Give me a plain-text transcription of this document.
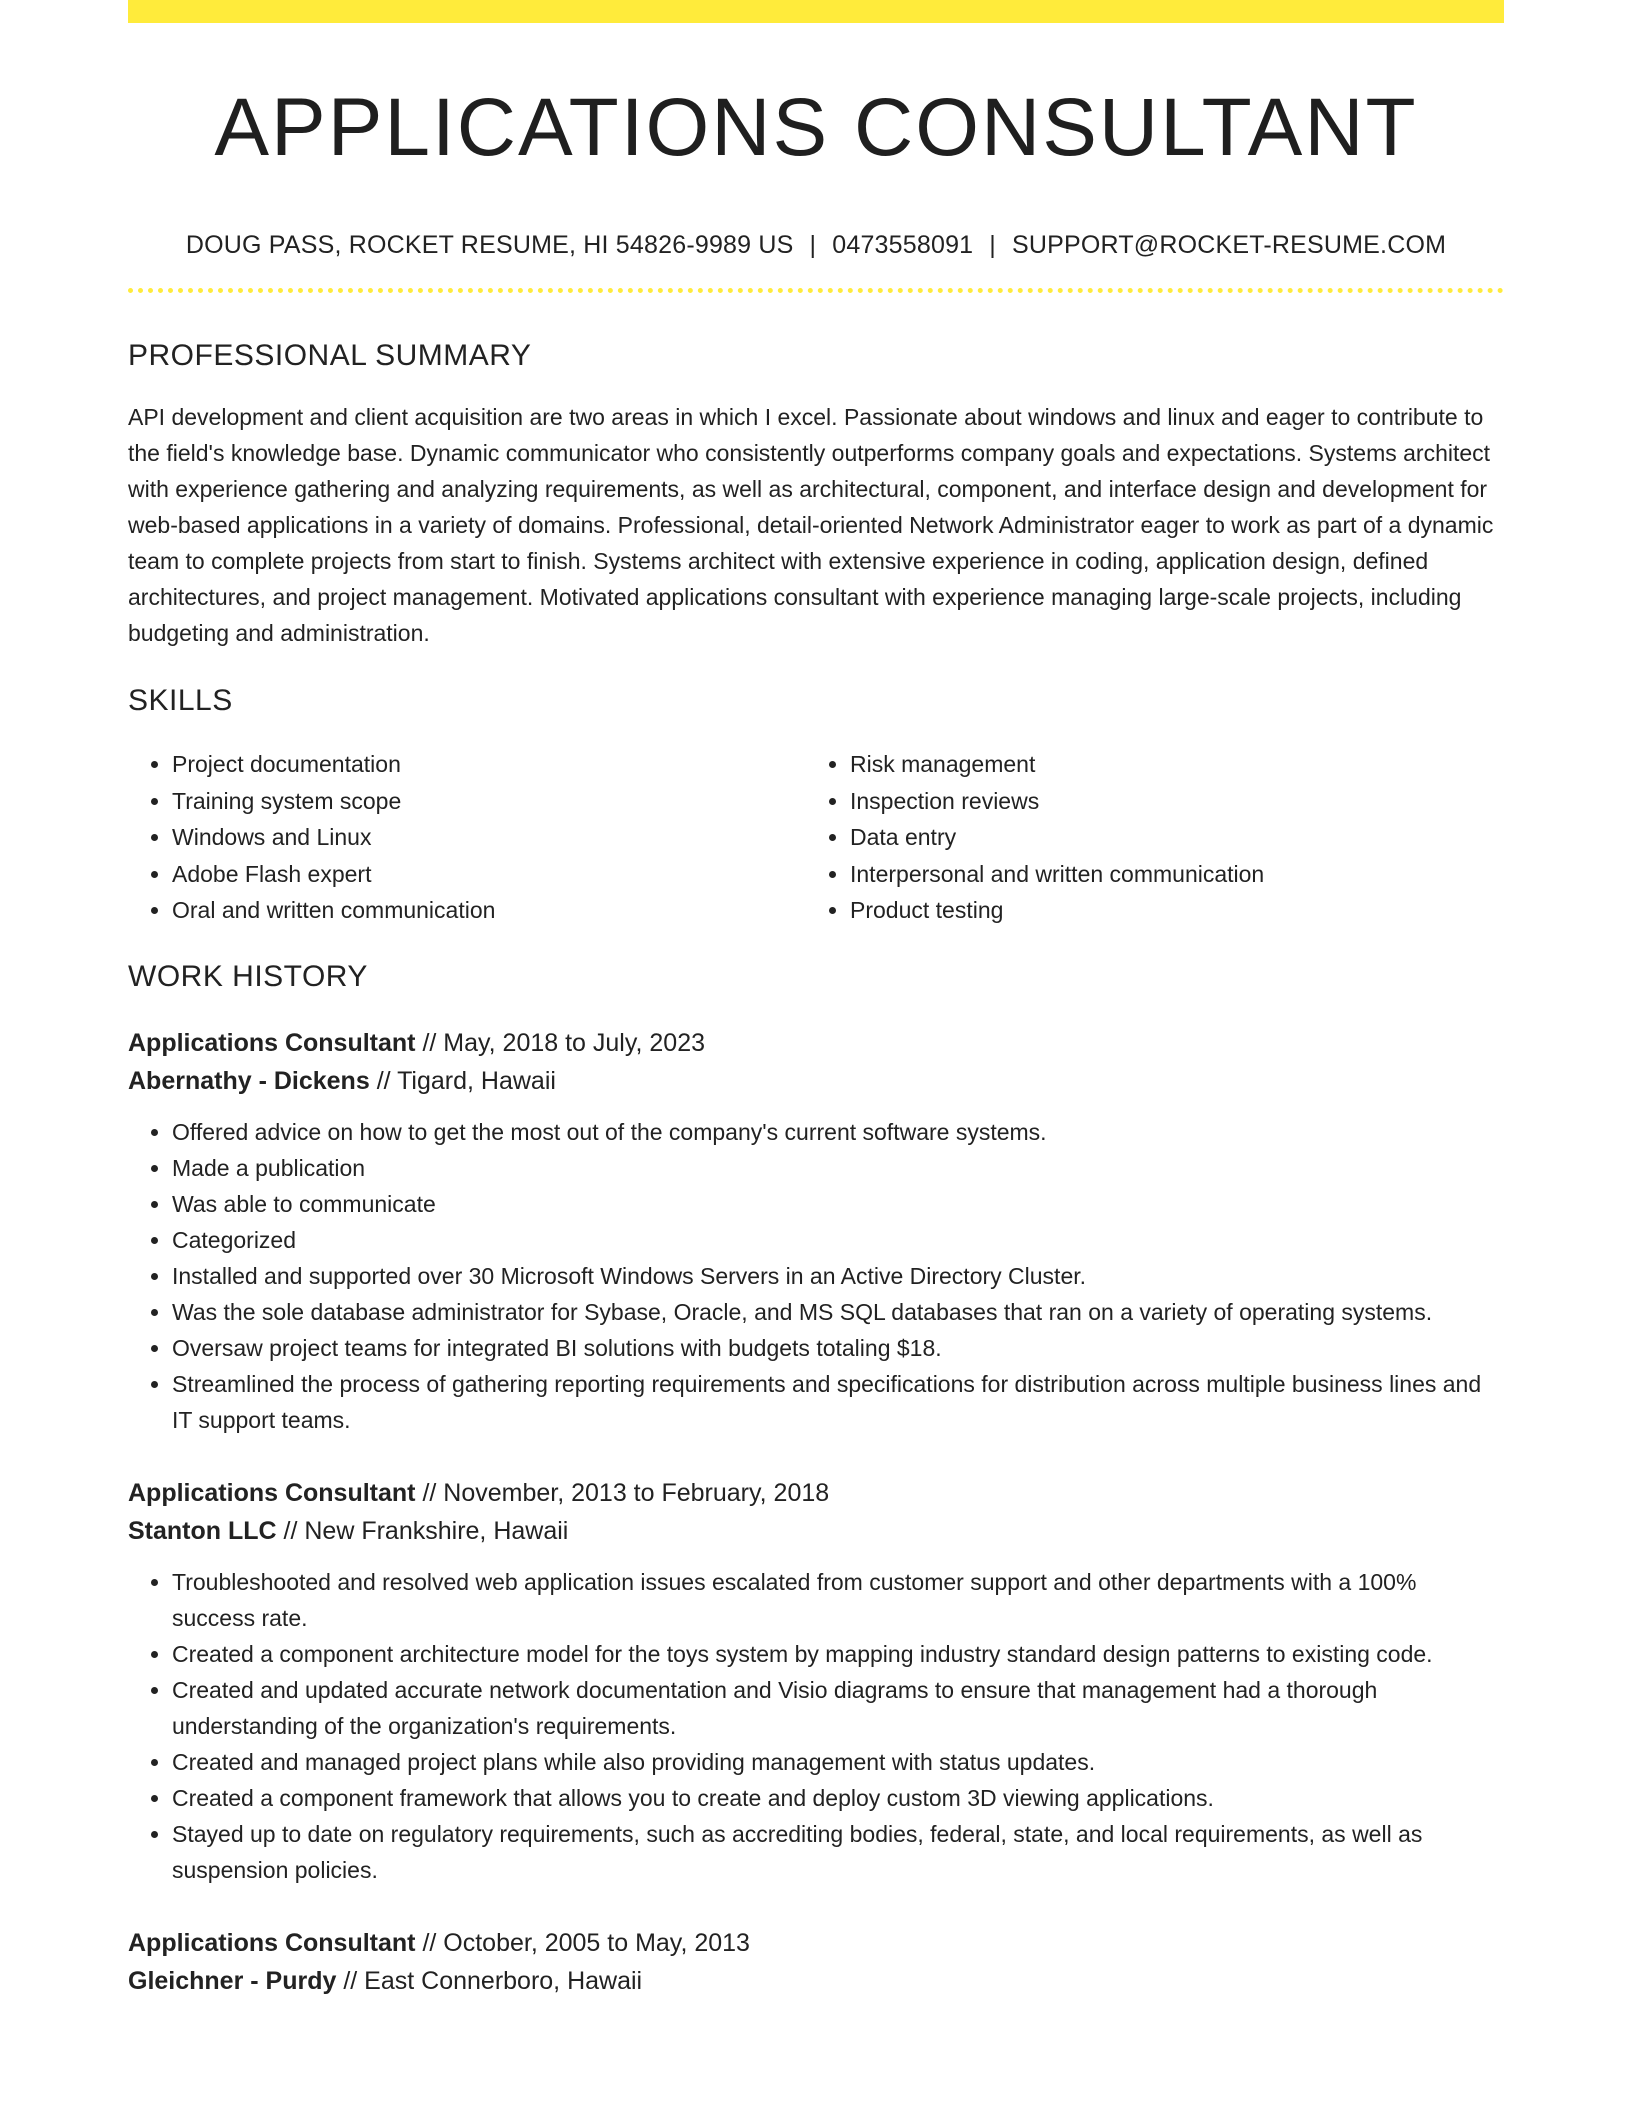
APPLICATIONS CONSULTANT
DOUG PASS, ROCKET RESUME, HI 54826-9989 US | 0473558091 | SUPPORT@ROCKET-RESUME.COM
PROFESSIONAL SUMMARY
API development and client acquisition are two areas in which I excel. Passionate about windows and linux and eager to contribute to the field's knowledge base. Dynamic communicator who consistently outperforms company goals and expectations. Systems architect with experience gathering and analyzing requirements, as well as architectural, component, and interface design and development for web-based applications in a variety of domains. Professional, detail-oriented Network Administrator eager to work as part of a dynamic team to complete projects from start to finish. Systems architect with extensive experience in coding, application design, defined architectures, and project management. Motivated applications consultant with experience managing large-scale projects, including budgeting and administration.
SKILLS
• Project documentation
• Training system scope
• Windows and Linux
• Adobe Flash expert
• Oral and written communication
• Risk management
• Inspection reviews
• Data entry
• Interpersonal and written communication
• Product testing
WORK HISTORY
Applications Consultant // May, 2018 to July, 2023
Abernathy - Dickens // Tigard, Hawaii
• Offered advice on how to get the most out of the company's current software systems.
• Made a publication
• Was able to communicate
• Categorized
• Installed and supported over 30 Microsoft Windows Servers in an Active Directory Cluster.
• Was the sole database administrator for Sybase, Oracle, and MS SQL databases that ran on a variety of operating systems.
• Oversaw project teams for integrated BI solutions with budgets totaling $18.
• Streamlined the process of gathering reporting requirements and specifications for distribution across multiple business lines and IT support teams.
Applications Consultant // November, 2013 to February, 2018
Stanton LLC // New Frankshire, Hawaii
• Troubleshooted and resolved web application issues escalated from customer support and other departments with a 100% success rate.
• Created a component architecture model for the toys system by mapping industry standard design patterns to existing code.
• Created and updated accurate network documentation and Visio diagrams to ensure that management had a thorough understanding of the organization's requirements.
• Created and managed project plans while also providing management with status updates.
• Created a component framework that allows you to create and deploy custom 3D viewing applications.
• Stayed up to date on regulatory requirements, such as accrediting bodies, federal, state, and local requirements, as well as suspension policies.
Applications Consultant // October, 2005 to May, 2013
Gleichner - Purdy // East Connerboro, Hawaii
